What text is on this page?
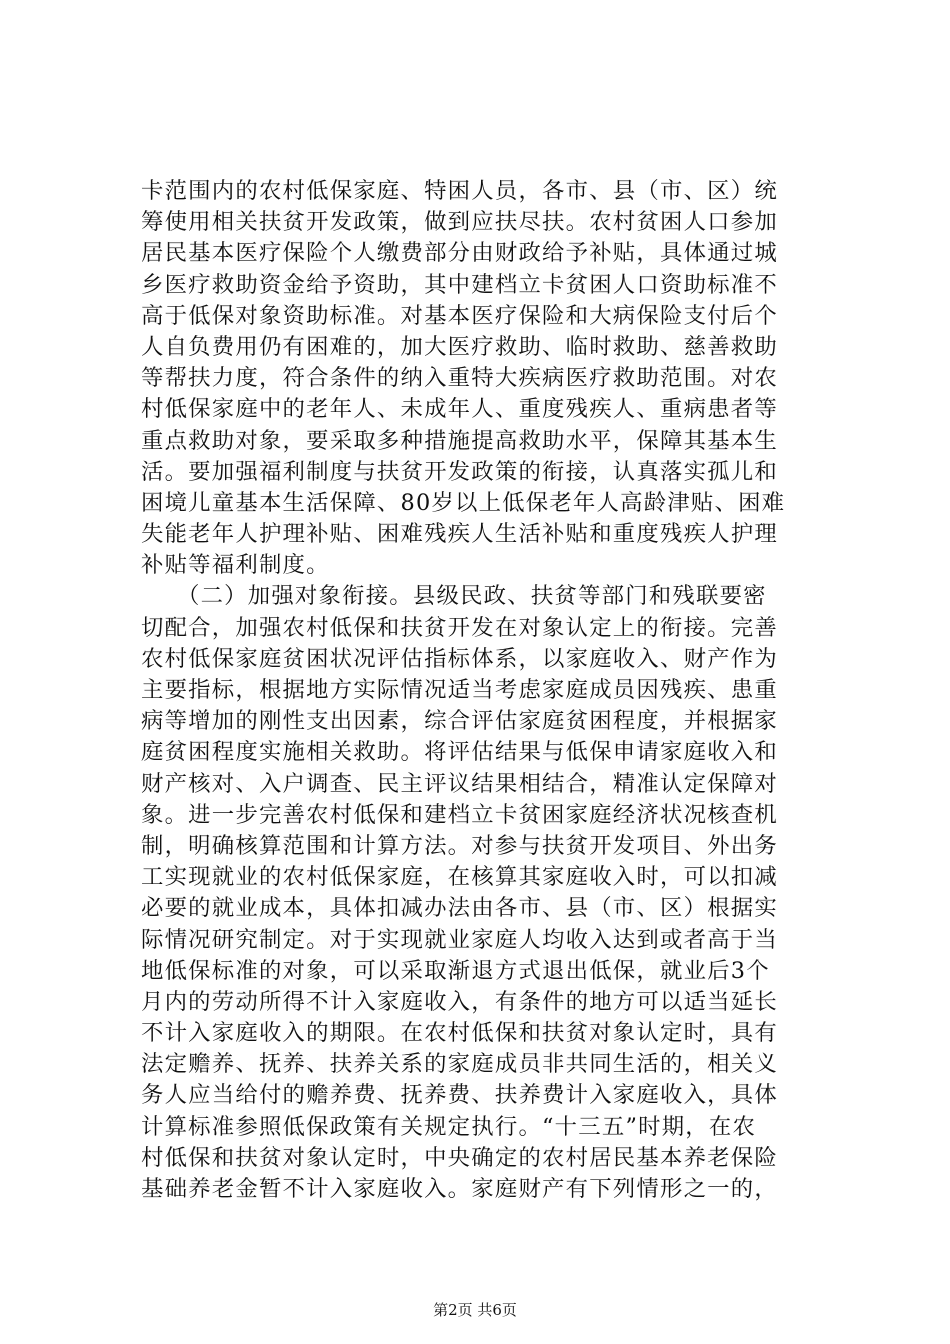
卡范围内的农村低保家庭、特困人员，各市、县（市、区）统
筹使用相关扶贫开发政策，做到应扶尽扶。农村贫困人口参加
居民基本医疗保险个人缴费部分由财政给予补贴，具体通过城
乡医疗救助资金给予资助，其中建档立卡贫困人口资助标准不
高于低保对象资助标准。对基本医疗保险和大病保险支付后个
人自负费用仍有困难的，加大医疗救助、临时救助、慈善救助
等帮扶力度，符合条件的纳入重特大疾病医疗救助范围。对农
村低保家庭中的老年人、未成年人、重度残疾人、重病患者等
重点救助对象，要采取多种措施提高救助水平，保障其基本生
活。要加强福利制度与扶贫开发政策的衔接，认真落实孤儿和
困境儿童基本生活保障、80岁以上低保老年人高龄津贴、困难
失能老年人护理补贴、困难残疾人生活补贴和重度残疾人护理
补贴等福利制度。
　　（二）加强对象衔接。县级民政、扶贫等部门和残联要密
切配合，加强农村低保和扶贫开发在对象认定上的衔接。完善
农村低保家庭贫困状况评估指标体系，以家庭收入、财产作为
主要指标，根据地方实际情况适当考虑家庭成员因残疾、患重
病等增加的刚性支出因素，综合评估家庭贫困程度，并根据家
庭贫困程度实施相关救助。将评估结果与低保申请家庭收入和
财产核对、入户调查、民主评议结果相结合，精准认定保障对
象。进一步完善农村低保和建档立卡贫困家庭经济状况核查机
制，明确核算范围和计算方法。对参与扶贫开发项目、外出务
工实现就业的农村低保家庭，在核算其家庭收入时，可以扣减
必要的就业成本，具体扣减办法由各市、县（市、区）根据实
际情况研究制定。对于实现就业家庭人均收入达到或者高于当
地低保标准的对象，可以采取渐退方式退出低保，就业后3个
月内的劳动所得不计入家庭收入，有条件的地方可以适当延长
不计入家庭收入的期限。在农村低保和扶贫对象认定时，具有
法定赡养、抚养、扶养关系的家庭成员非共同生活的，相关义
务人应当给付的赡养费、抚养费、扶养费计入家庭收入，具体
计算标准参照低保政策有关规定执行。“十三五”时期，在农
村低保和扶贫对象认定时，中央确定的农村居民基本养老保险
基础养老金暂不计入家庭收入。家庭财产有下列情形之一的，
第2页 共6页
